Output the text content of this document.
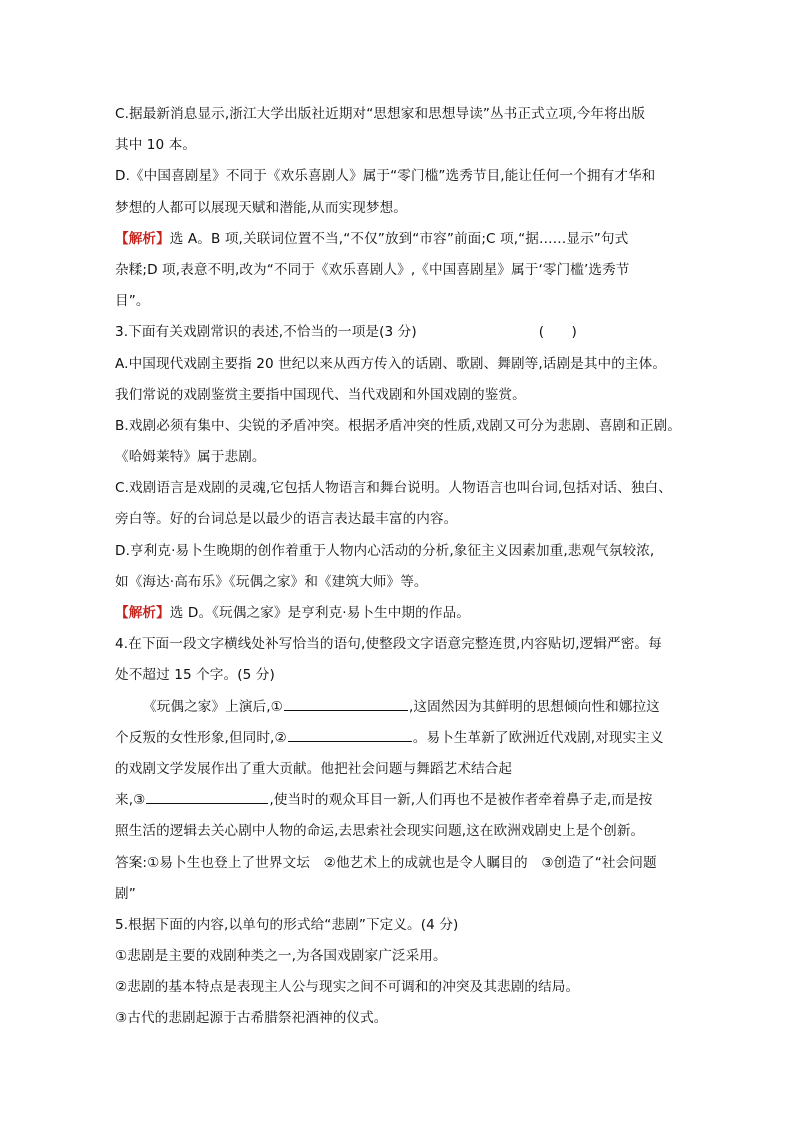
C.据最新消息显示,浙江大学出版社近期对“思想家和思想导读”丛书正式立项,今年将出版
其中 10 本。
D.《中国喜剧星》不同于《欢乐喜剧人》属于“零门槛”选秀节目,能让任何一个拥有才华和
梦想的人都可以展现天赋和潜能,从而实现梦想。
【解析】选 A。B 项,关联词位置不当,“不仅”放到“市容”前面;C 项,“据……显示”句式
杂糅;D 项,表意不明,改为“不同于《欢乐喜剧人》,《中国喜剧星》属于‘零门槛’选秀节
目”。
3.下面有关戏剧常识的表述,不恰当的一项是(3 分)	(　　)
A.中国现代戏剧主要指 20 世纪以来从西方传入的话剧、歌剧、舞剧等,话剧是其中的主体。
我们常说的戏剧鉴赏主要指中国现代、当代戏剧和外国戏剧的鉴赏。
B.戏剧必须有集中、尖锐的矛盾冲突。根据矛盾冲突的性质,戏剧又可分为悲剧、喜剧和正剧。
《哈姆莱特》属于悲剧。
C.戏剧语言是戏剧的灵魂,它包括人物语言和舞台说明。人物语言也叫台词,包括对话、独白、
旁白等。好的台词总是以最少的语言表达最丰富的内容。
D.亨利克·易卜生晚期的创作着重于人物内心活动的分析,象征主义因素加重,悲观气氛较浓,
如《海达·高布乐》《玩偶之家》和《建筑大师》等。
【解析】选 D。《玩偶之家》是亨利克·易卜生中期的作品。
4.在下面一段文字横线处补写恰当的语句,使整段文字语意完整连贯,内容贴切,逻辑严密。每
处不超过 15 个字。(5 分)
《玩偶之家》上演后,①	,这固然因为其鲜明的思想倾向性和娜拉这
个反叛的女性形象,但同时,②	。易卜生革新了欧洲近代戏剧,对现实主义
的戏剧文学发展作出了重大贡献。他把社会问题与舞蹈艺术结合起
来,③	,使当时的观众耳目一新,人们再也不是被作者牵着鼻子走,而是按
照生活的逻辑去关心剧中人物的命运,去思索社会现实问题,这在欧洲戏剧史上是个创新。
答案:①易卜生也登上了世界文坛　②他艺术上的成就也是令人瞩目的　③创造了“社会问题
剧”
5.根据下面的内容,以单句的形式给“悲剧”下定义。(4 分)
①悲剧是主要的戏剧种类之一,为各国戏剧家广泛采用。
②悲剧的基本特点是表现主人公与现实之间不可调和的冲突及其悲剧的结局。
③古代的悲剧起源于古希腊祭祀酒神的仪式。
